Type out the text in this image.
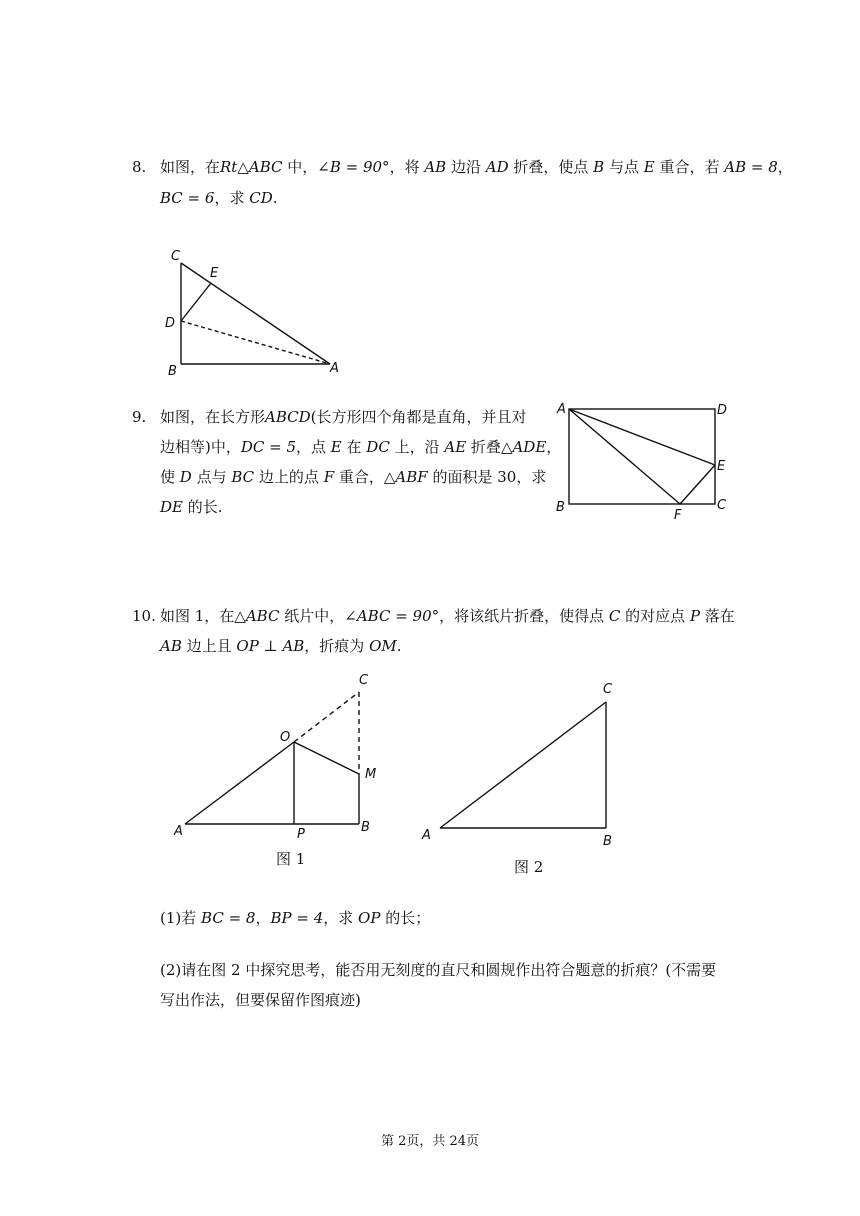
8. 如图，在Rt△ABC 中，∠B = 90°，将 AB 边沿 AD 折叠，使点 B 与点 E 重合，若 AB = 8，
BC = 6，求 CD.
C
E
D
B	A
9. 如图，在长方形ABCD(长方形四个角都是直角，并且对
边相等)中，DC = 5，点 E 在 DC 上，沿 AE 折叠△ADE，
使 D 点与 BC 边上的点 F 重合，△ABF 的面积是 30，求
DE 的长.
A	D
E
B
F
C
10. 如图 1，在△ABC 纸片中，∠ABC = 90°，将该纸片折叠，使得点 C 的对应点 P 落在
AB 边上且 OP ⊥ AB，折痕为 OM.
C
O
M
A	P	B
图 1
C
A	B
图 2
(1)若 BC = 8，BP = 4，求 OP 的长；
(2)请在图 2 中探究思考，能否用无刻度的直尺和圆规作出符合题意的折痕？(不需要
写出作法，但要保留作图痕迹)
第 2页，共 24页
